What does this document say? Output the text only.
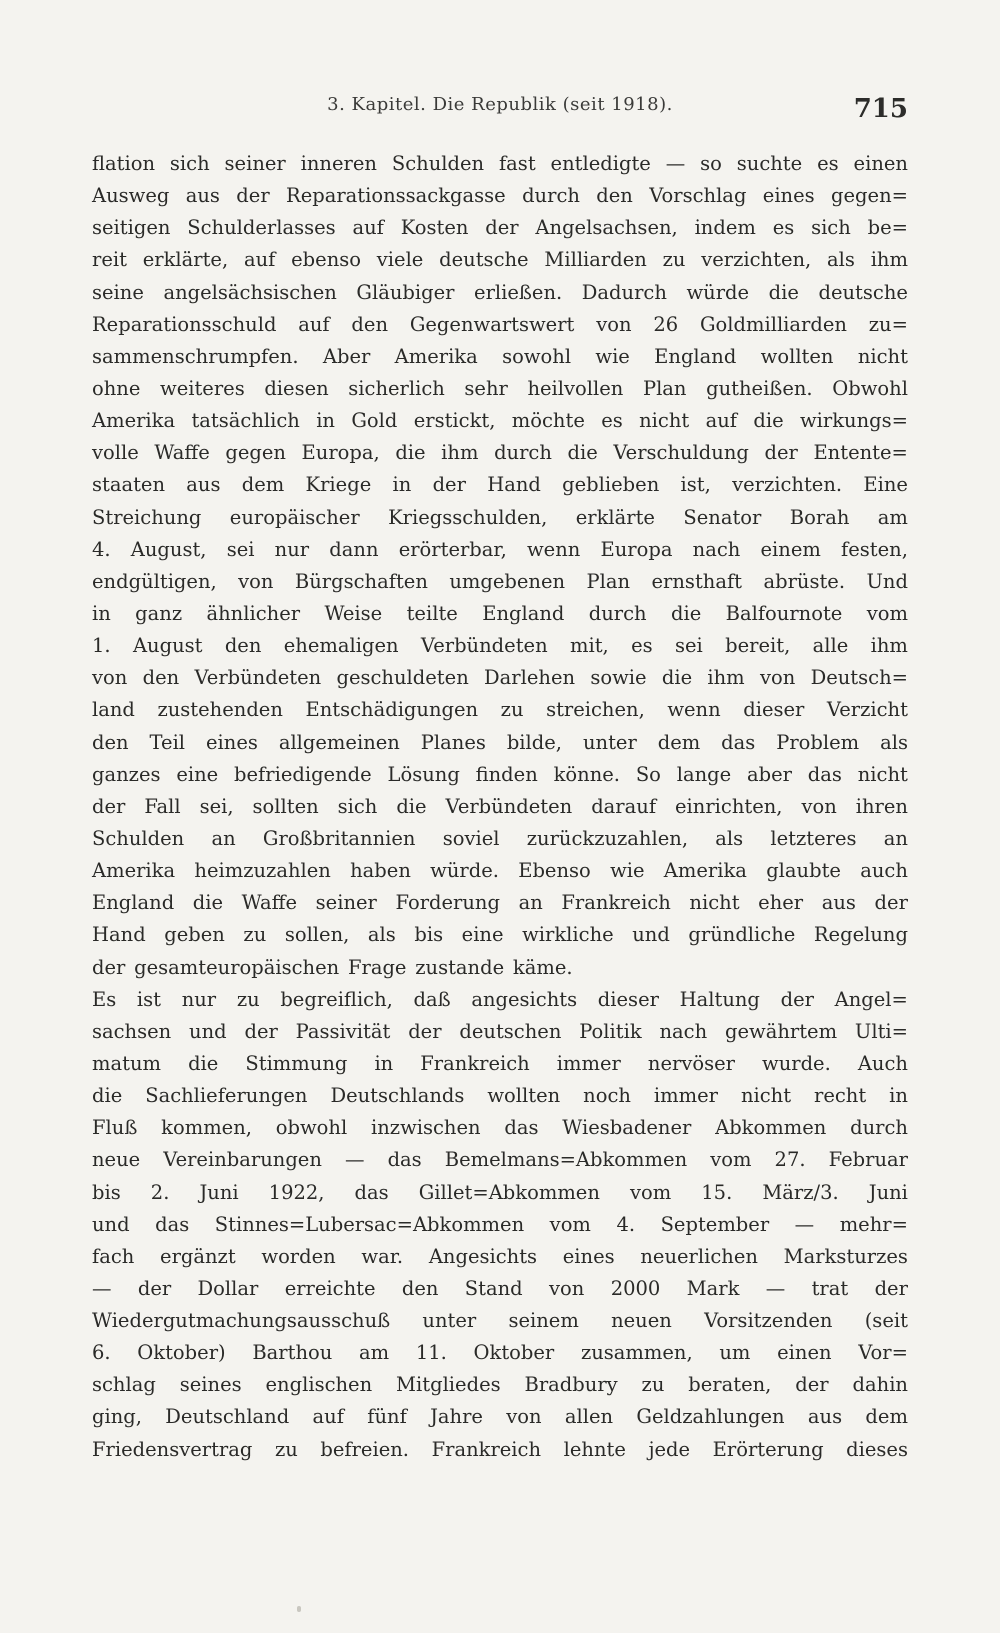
3. Kapitel. Die Republik (seit 1918).	715
flation sich seiner inneren Schulden fast entledigte — so suchte es einen
Ausweg aus der Reparationssackgasse durch den Vorschlag eines gegen=
seitigen Schulderlasses auf Kosten der Angelsachsen, indem es sich be=
reit erklärte, auf ebenso viele deutsche Milliarden zu verzichten, als ihm
seine angelsächsischen Gläubiger erließen. Dadurch würde die deutsche
Reparationsschuld auf den Gegenwartswert von 26 Goldmilliarden zu=
sammenschrumpfen. Aber Amerika sowohl wie England wollten nicht
ohne weiteres diesen sicherlich sehr heilvollen Plan gutheißen. Obwohl
Amerika tatsächlich in Gold erstickt, möchte es nicht auf die wirkungs=
volle Waffe gegen Europa, die ihm durch die Verschuldung der Entente=
staaten aus dem Kriege in der Hand geblieben ist, verzichten. Eine
Streichung europäischer Kriegsschulden, erklärte Senator Borah am
4. August, sei nur dann erörterbar, wenn Europa nach einem festen,
endgültigen, von Bürgschaften umgebenen Plan ernsthaft abrüste. Und
in ganz ähnlicher Weise teilte England durch die Balfournote vom
1. August den ehemaligen Verbündeten mit, es sei bereit, alle ihm
von den Verbündeten geschuldeten Darlehen sowie die ihm von Deutsch=
land zustehenden Entschädigungen zu streichen, wenn dieser Verzicht
den Teil eines allgemeinen Planes bilde, unter dem das Problem als
ganzes eine befriedigende Lösung finden könne. So lange aber das nicht
der Fall sei, sollten sich die Verbündeten darauf einrichten, von ihren
Schulden an Großbritannien soviel zurückzuzahlen, als letzteres an
Amerika heimzuzahlen haben würde. Ebenso wie Amerika glaubte auch
England die Waffe seiner Forderung an Frankreich nicht eher aus der
Hand geben zu sollen, als bis eine wirkliche und gründliche Regelung
der gesamteuropäischen Frage zustande käme.
Es ist nur zu begreiflich, daß angesichts dieser Haltung der Angel=
sachsen und der Passivität der deutschen Politik nach gewährtem Ulti=
matum die Stimmung in Frankreich immer nervöser wurde. Auch
die Sachlieferungen Deutschlands wollten noch immer nicht recht in
Fluß kommen, obwohl inzwischen das Wiesbadener Abkommen durch
neue Vereinbarungen — das Bemelmans=Abkommen vom 27. Februar
bis 2. Juni 1922, das Gillet=Abkommen vom 15. März/3. Juni
und das Stinnes=Lubersac=Abkommen vom 4. September — mehr=
fach ergänzt worden war. Angesichts eines neuerlichen Marksturzes
— der Dollar erreichte den Stand von 2000 Mark — trat der
Wiedergutmachungsausschuß unter seinem neuen Vorsitzenden (seit
6. Oktober) Barthou am 11. Oktober zusammen, um einen Vor=
schlag seines englischen Mitgliedes Bradbury zu beraten, der dahin
ging, Deutschland auf fünf Jahre von allen Geldzahlungen aus dem
Friedensvertrag zu befreien. Frankreich lehnte jede Erörterung dieses
